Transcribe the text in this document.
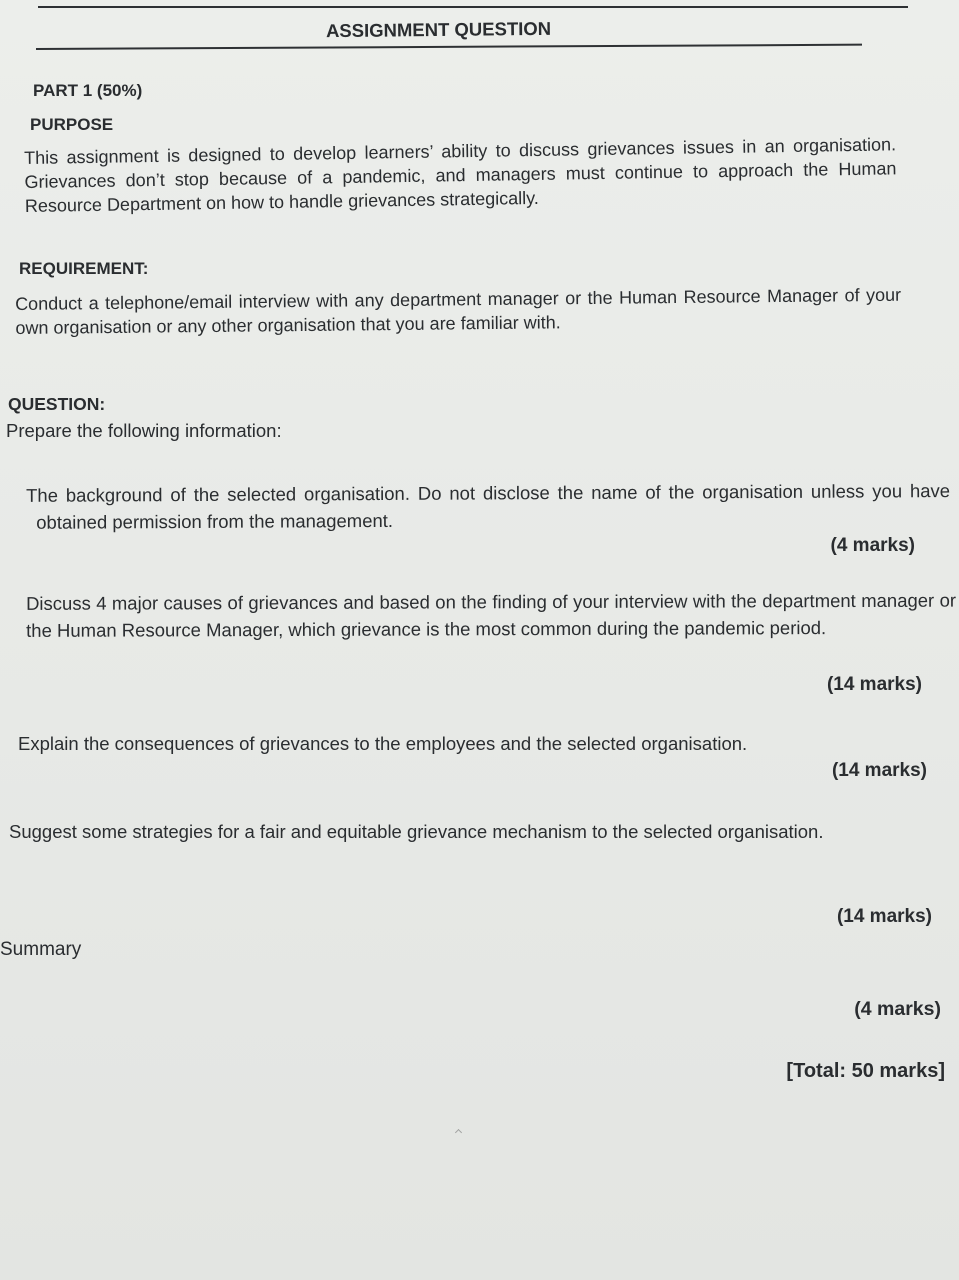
ASSIGNMENT QUESTION
PART 1 (50%)
PURPOSE
This assignment is designed to develop learners’ ability to discuss grievances issues in an organisation. Grievances don’t stop because of a pandemic, and managers must continue to approach the Human Resource Department on how to handle grievances strategically.
REQUIREMENT:
Conduct a telephone/email interview with any department manager or the Human Resource Manager of your own organisation or any other organisation that you are familiar with.
QUESTION:
Prepare the following information:
The background of the selected organisation. Do not disclose the name of the organisation unless you have obtained permission from the management.
(4 marks)
Discuss 4 major causes of grievances and based on the finding of your interview with the department manager or the Human Resource Manager, which grievance is the most common during the pandemic period.
(14 marks)
Explain the consequences of grievances to the employees and the selected organisation.
(14 marks)
Suggest some strategies for a fair and equitable grievance mechanism to the selected organisation.
(14 marks)
Summary
(4 marks)
[Total: 50 marks]
